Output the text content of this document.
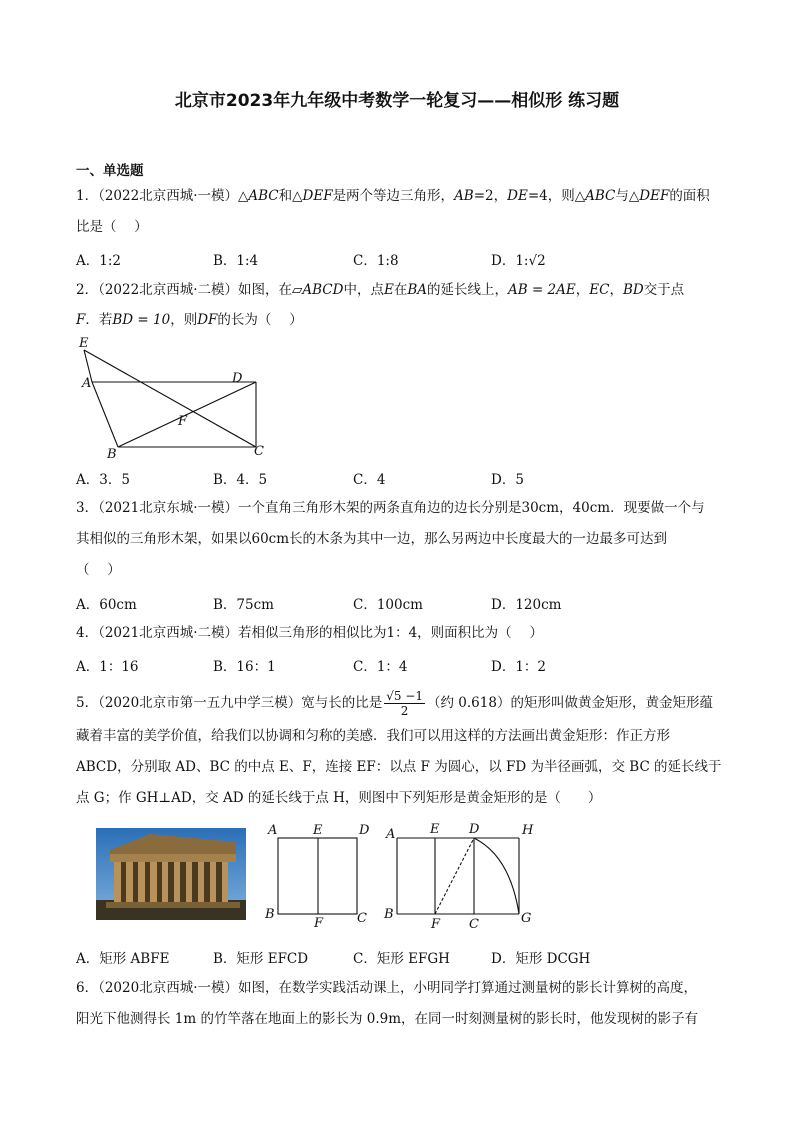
北京市2023年九年级中考数学一轮复习——相似形 练习题
一、单选题
1．（2022北京西城·一模）△ABC和△DEF是两个等边三角形，AB=2，DE=4，则△ABC与△DEF的面积
比是（　 ）
A．1:2	B．1:4	C．1:8	D．1:√2
2．（2022北京西城·二模）如图，在▱ABCD中，点E在BA的延长线上，AB = 2AE，EC，BD交于点
F．若BD = 10，则DF的长为（　 ）
E
A	D
F
B	C
A．3．5	B．4．5	C．4	D．5
3．（2021北京东城·一模）一个直角三角形木架的两条直角边的边长分别是30cm，40cm．现要做一个与
其相似的三角形木架，如果以60cm长的木条为其中一边，那么另两边中长度最大的一边最多可达到
（　 ）
A．60cm	B．75cm	C．100cm	D．120cm
4．（2021北京西城·二模）若相似三角形的相似比为1：4，则面积比为（　 ）
A．1：16	B．16：1	C．1：4	D．1：2
5．（2020北京市第一五九中学三模）宽与长的比是 $\frac{√5 -1}{2}$ （约 0.618）的矩形叫做黄金矩形，黄金矩形蕴
藏着丰富的美学价值，给我们以协调和匀称的美感．我们可以用这样的方法画出黄金矩形：作正方形
ABCD，分别取 AD、BC 的中点 E、F，连接 EF：以点 F 为圆心，以 FD 为半径画弧，交 BC 的延长线于
点 G；作 GH⊥AD，交 AD 的延长线于点 H，则图中下列矩形是黄金矩形的是（　　）
A	E	D
B
F	C
A	E D	H
B
F C	G
A．矩形 ABFE	B．矩形 EFCD	C．矩形 EFGH	D．矩形 DCGH
6．（2020北京西城·一模）如图，在数学实践活动课上，小明同学打算通过测量树的影长计算树的高度，
阳光下他测得长 1m 的竹竿落在地面上的影长为 0.9m，在同一时刻测量树的影长时，他发现树的影子有
